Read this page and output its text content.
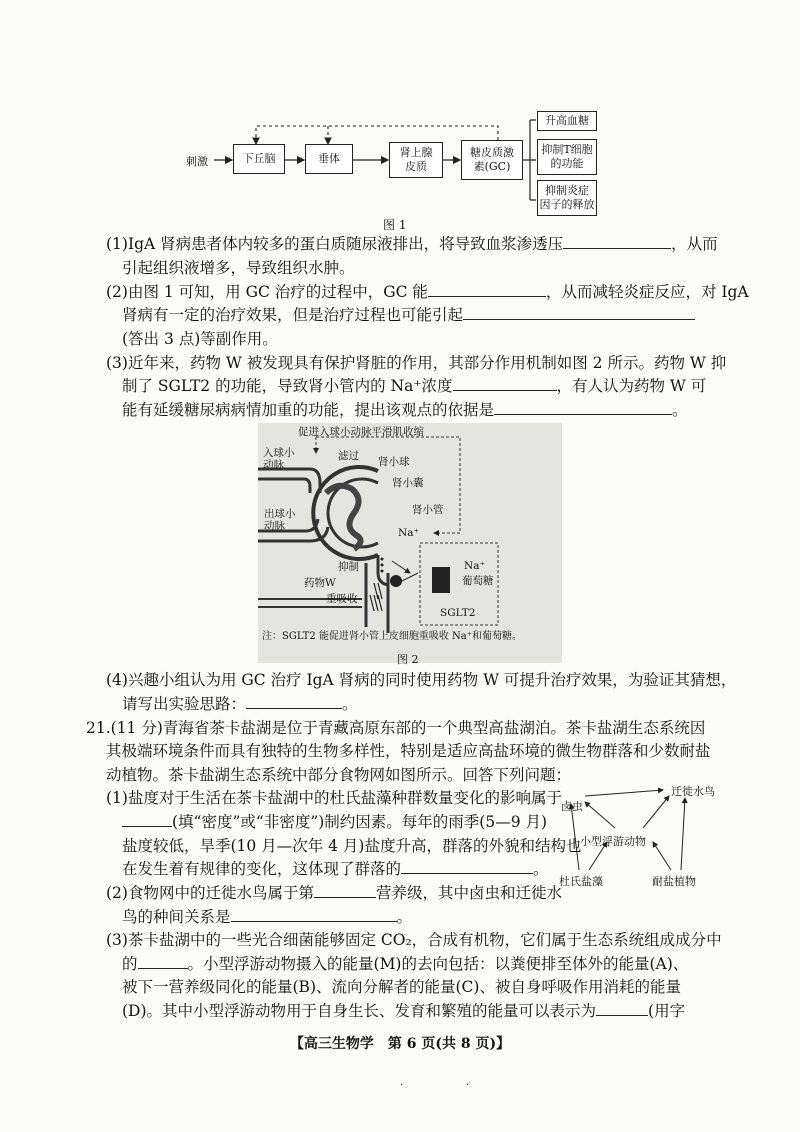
刺激	下丘脑	垂体	肾上腺
皮质
糖皮质激
素(GC)
升高血糖
抑制T细胞
的功能
抑制炎症
因子的释放
图 1
(1)IgA 肾病患者体内较多的蛋白质随尿液排出，将导致血浆渗透压	，从而
引起组织液增多，导致组织水肿。
(2)由图 1 可知，用 GC 治疗的过程中，GC 能	，从而减轻炎症反应，对 IgA
肾病有一定的治疗效果，但是治疗过程也可能引起
(答出 3 点)等副作用。
(3)近年来，药物 W 被发现具有保护肾脏的作用，其部分作用机制如图 2 所示。药物 W 抑
制了 SGLT2 的功能，导致肾小管内的 Na⁺浓度	，有人认为药物 W 可
能有延缓糖尿病病情加重的功能，提出该观点的依据是	。
促进入球小动脉平滑肌收缩
入球小
动脉
滤过 肾小球
肾小囊
出球小
动脉
肾小管
Na⁺
抑制
药物W
重吸收
Na⁺
葡萄糖
SGLT2
注：SGLT2 能促进肾小管上皮细胞重吸收 Na⁺和葡萄糖。
图 2
(4)兴趣小组认为用 GC 治疗 IgA 肾病的同时使用药物 W 可提升治疗效果，为验证其猜想，
请写出实验思路：	。
21.(11 分)青海省茶卡盐湖是位于青藏高原东部的一个典型高盐湖泊。茶卡盐湖生态系统因
其极端环境条件而具有独特的生物多样性，特别是适应高盐环境的微生物群落和少数耐盐
动植物。茶卡盐湖生态系统中部分食物网如图所示。回答下列问题：
(1)盐度对于生活在茶卡盐湖中的杜氏盐藻种群数量变化的影响属于
(填“密度”或“非密度”)制约因素。每年的雨季(5—9 月)
盐度较低，旱季(10 月—次年 4 月)盐度升高，群落的外貌和结构也
在发生着有规律的变化，这体现了群落的	。
(2)食物网中的迁徙水鸟属于第	营养级，其中卤虫和迁徙水
鸟的种间关系是	。
(3)茶卡盐湖中的一些光合细菌能够固定 CO₂，合成有机物，它们属于生态系统组成成分中
的	。小型浮游动物摄入的能量(M)的去向包括：以粪便排至体外的能量(A)、
被下一营养级同化的能量(B)、流向分解者的能量(C)、被自身呼吸作用消耗的能量
迁徙水鸟
卤虫
小型浮游动物
杜氏盐藻	耐盐植物
【高三生物学　第 6 页(共 8 页)】
(D)。其中小型浮游动物用于自身生长、发育和繁殖的能量可以表示为	(用字
·	·
